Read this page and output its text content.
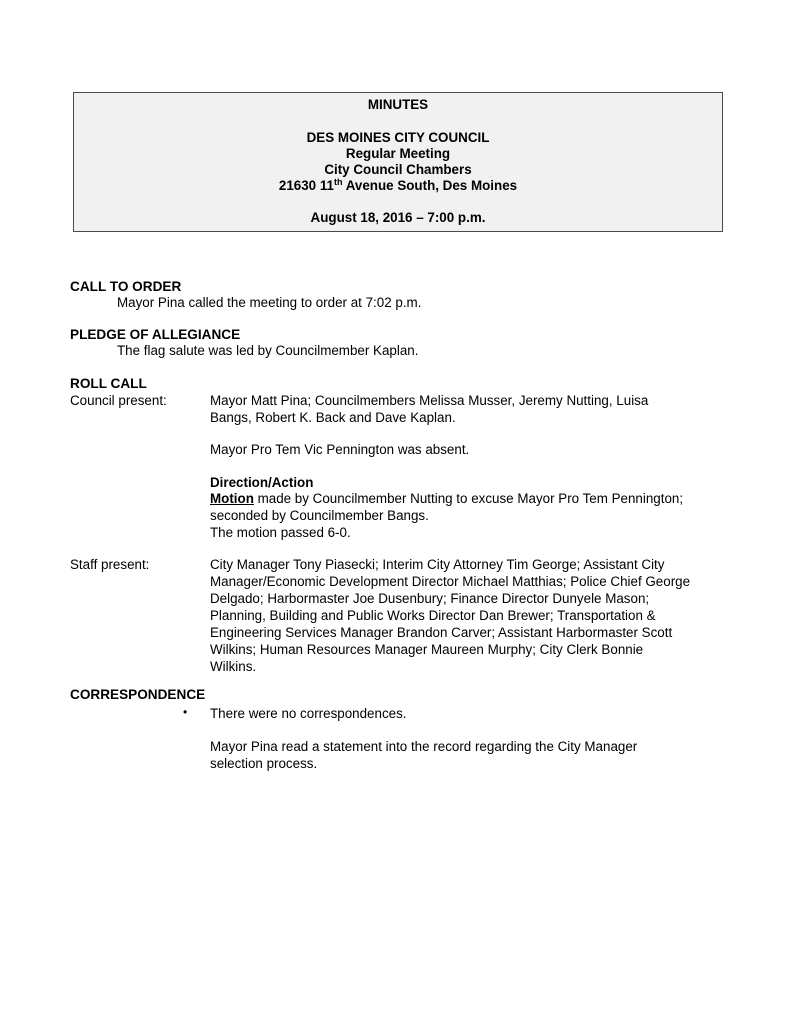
MINUTES
DES MOINES CITY COUNCIL
Regular Meeting
City Council Chambers
21630 11th Avenue South, Des Moines
August 18, 2016 – 7:00 p.m.
CALL TO ORDER
Mayor Pina called the meeting to order at 7:02 p.m.
PLEDGE OF ALLEGIANCE
The flag salute was led by Councilmember Kaplan.
ROLL CALL
Council present:	Mayor Matt Pina; Councilmembers Melissa Musser, Jeremy Nutting, Luisa
Bangs, Robert K. Back and Dave Kaplan.
Mayor Pro Tem Vic Pennington was absent.
Direction/Action
Motion made by Councilmember Nutting to excuse Mayor Pro Tem Pennington;
seconded by Councilmember Bangs.
The motion passed 6-0.
Staff present:	City Manager Tony Piasecki; Interim City Attorney Tim George; Assistant City
Manager/Economic Development Director Michael Matthias; Police Chief George
Delgado; Harbormaster Joe Dusenbury; Finance Director Dunyele Mason;
Planning, Building and Public Works Director Dan Brewer; Transportation &
Engineering Services Manager Brandon Carver; Assistant Harbormaster Scott
Wilkins; Human Resources Manager Maureen Murphy; City Clerk Bonnie
Wilkins.
CORRESPONDENCE
• There were no correspondences.
Mayor Pina read a statement into the record regarding the City Manager
selection process.
